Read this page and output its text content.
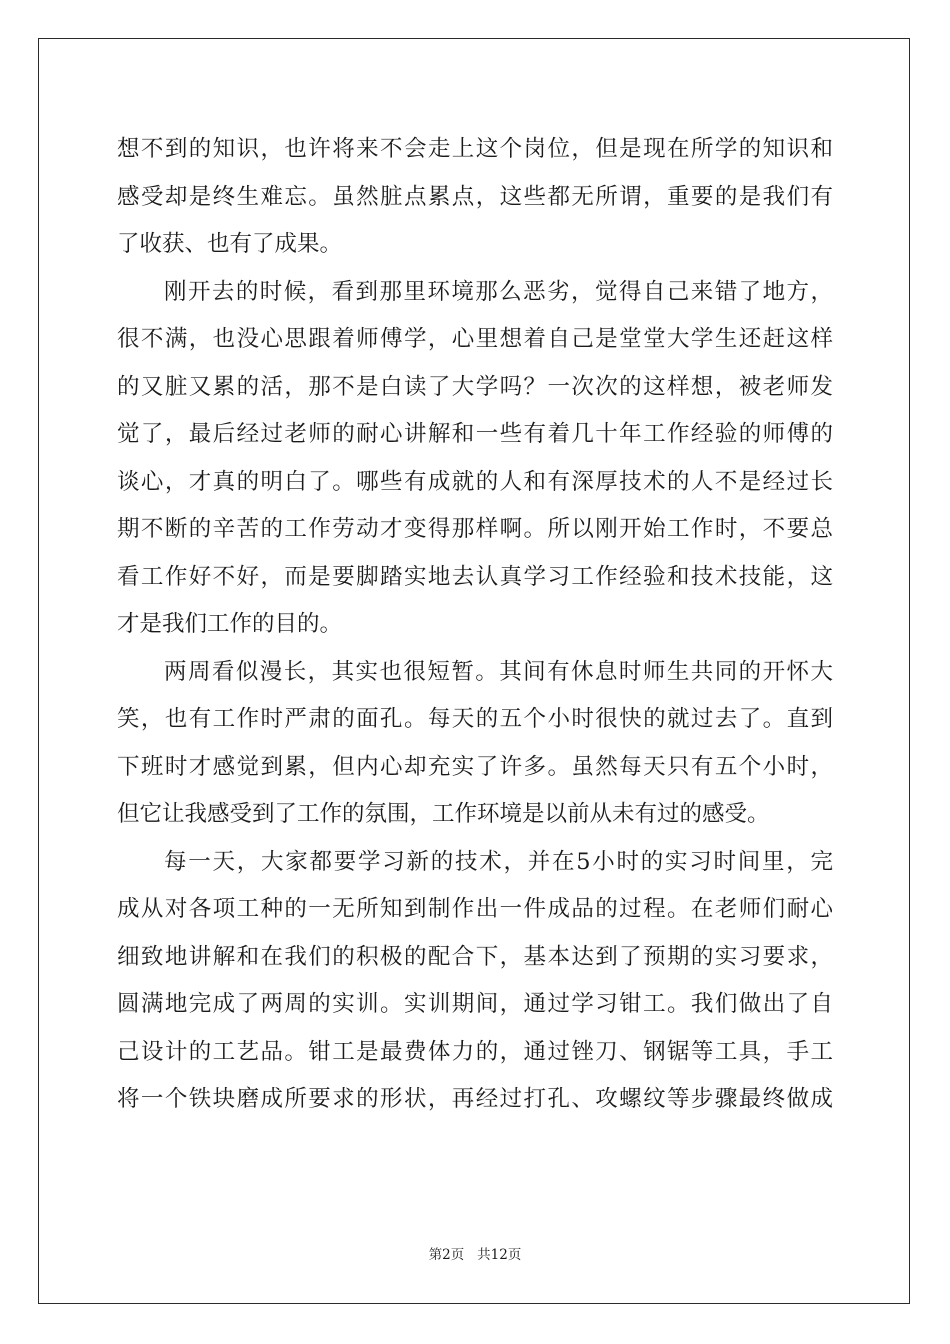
想不到的知识，也许将来不会走上这个岗位，但是现在所学的知识和
感受却是终生难忘。虽然脏点累点，这些都无所谓，重要的是我们有
了收获、也有了成果。
刚开去的时候，看到那里环境那么恶劣，觉得自己来错了地方，
很不满，也没心思跟着师傅学，心里想着自己是堂堂大学生还赶这样
的又脏又累的活，那不是白读了大学吗？一次次的这样想，被老师发
觉了，最后经过老师的耐心讲解和一些有着几十年工作经验的师傅的
谈心，才真的明白了。哪些有成就的人和有深厚技术的人不是经过长
期不断的辛苦的工作劳动才变得那样啊。所以刚开始工作时，不要总
看工作好不好，而是要脚踏实地去认真学习工作经验和技术技能，这
才是我们工作的目的。
两周看似漫长，其实也很短暂。其间有休息时师生共同的开怀大
笑，也有工作时严肃的面孔。每天的五个小时很快的就过去了。直到
下班时才感觉到累，但内心却充实了许多。虽然每天只有五个小时，
但它让我感受到了工作的氛围，工作环境是以前从未有过的感受。
每一天，大家都要学习新的技术，并在5小时的实习时间里，完
成从对各项工种的一无所知到制作出一件成品的过程。在老师们耐心
细致地讲解和在我们的积极的配合下，基本达到了预期的实习要求，
圆满地完成了两周的实训。实训期间，通过学习钳工。我们做出了自
己设计的工艺品。钳工是最费体力的，通过锉刀、钢锯等工具，手工
将一个铁块磨成所要求的形状，再经过打孔、攻螺纹等步骤最终做成
第2页   共12页
